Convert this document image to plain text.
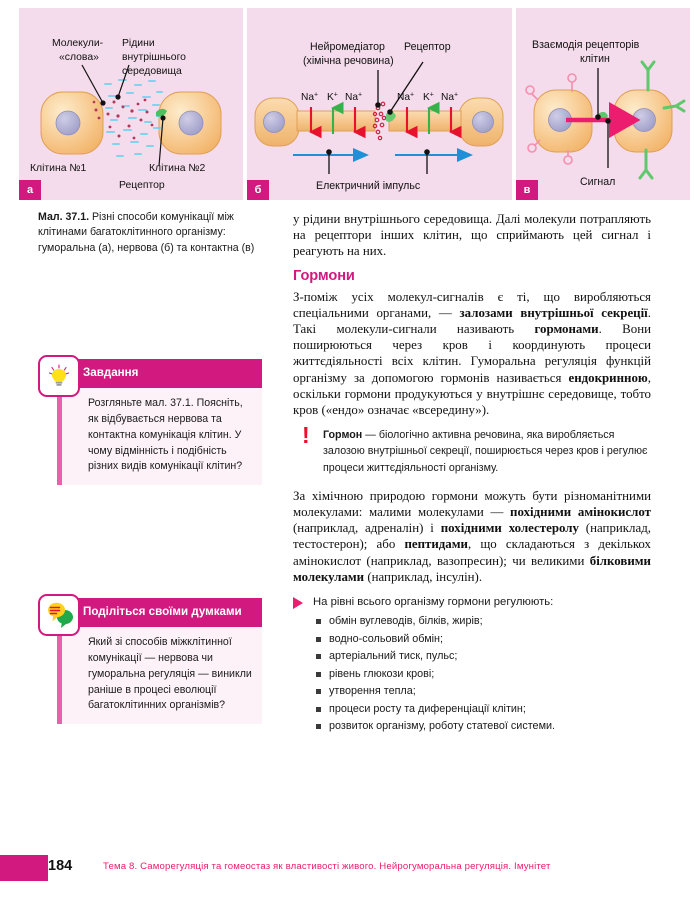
Молекули-
«слова»
Рідини
внутрішнього
середовища
Клітина №1	Клітина №2
Рецептор
а
Na+ K+ Na+	Na+ K+ Na+
Нейромедіатор
(хімічна речовина)
Рецептор
Електричний імпульс
б
Взаємодія рецепторів
клітин
Сигнал
в
Мал. 37.1. Різні способи комунікації між клітинами багатоклітинного організму: гуморальна (а), нервова (б) та контактна (в)
Завдання
Розгляньте мал. 37.1. Поясніть, як відбувається нервова та контактна комунікація клітин. У чому відмінність і подібність різних видів комунікації клітин?
Поділіться своїми думками
Який зі способів міжклітинної комунікації — нервова чи гуморальна регуляція — виникли раніше в процесі еволюції багатоклітинних організмів?

у рідини внутрішнього середовища. Далі молекули потрапляють на рецептори інших клітин, що сприймають цей сигнал і реагують на них.

Гормони

З-поміж усіх молекул-сигналів є ті, що виробляються спеціальними органами, — залозами внутрішньої секреції. Такі молекули-сигнали називають гормонами. Вони поширюються через кров і координують процеси життєдіяльності всіх клітин. Гуморальна регуляція функцій організму за допомогою гормонів називається ендокринною, оскільки гормони продукуються у внутрішнє середовище, тобто кров («ендо» означає «всередину»).

! Гормон — біологічно активна речовина, яка виробляється залозою внутрішньої секреції, поширюється через кров і регулює процеси життєдіяльності організму.

За хімічною природою гормони можуть бути різноманітними молекулами: малими молекулами — похідними амінокислот (наприклад, адреналін) і похідними холестеролу (наприклад, тестостерон); або пептидами, що складаються з декількох амінокислот (наприклад, вазопресин); чи великими білковими молекулами (наприклад, інсулін).

На рівні всього організму гормони регулюють:
обмін вуглеводів, білків, жирів;
водно-сольовий обмін;
артеріальний тиск, пульс;
рівень глюкози крові;
утворення тепла;
процеси росту та диференціації клітин;
розвиток організму, роботу статевої системи.
184	Тема 8. Саморегуляція та гомеостаз як властивості живого. Нейрогуморальна регуляція. Імунітет
